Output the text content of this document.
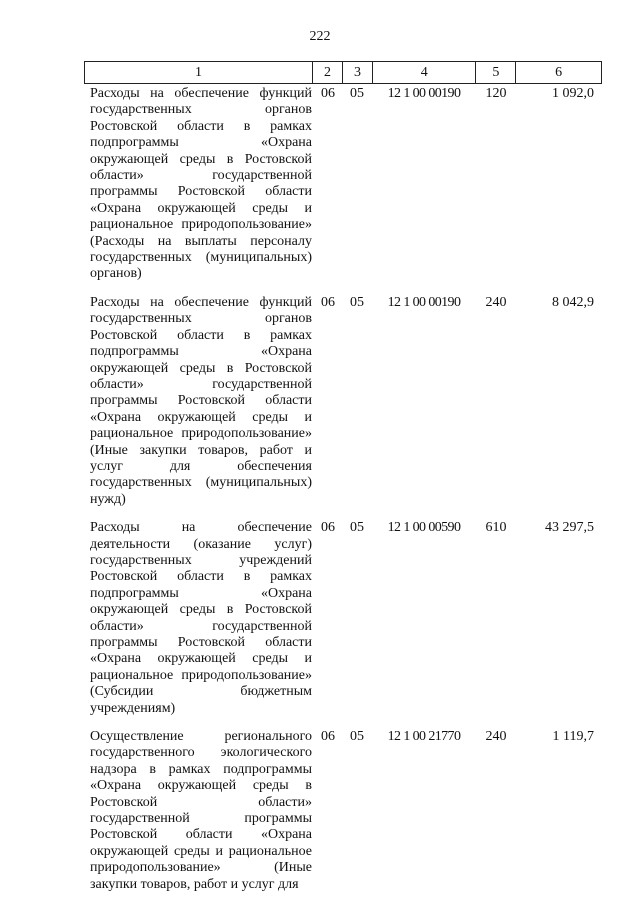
222
1	2	3	4	5	6
Расходы на обеспечение функций государственных органов Ростовской области в рамках подпрограммы «Охрана окружающей среды в Ростовской области» государственной программы Ростовской области «Охрана окружающей среды и рациональное природопользование» (Расходы на выплаты персоналу государственных (муниципальных) органов)
06	05	12 1 00 00190	120	1 092,0
Расходы на обеспечение функций государственных органов Ростовской области в рамках подпрограммы «Охрана окружающей среды в Ростовской области» государственной программы Ростовской области «Охрана окружающей среды и рациональное природопользование» (Иные закупки товаров, работ и услуг для обеспечения государственных (муниципальных) нужд)
06	05	12 1 00 00190	240	8 042,9
Расходы на обеспечение деятельности (оказание услуг) государственных учреждений Ростовской области в рамках подпрограммы «Охрана окружающей среды в Ростовской области» государственной программы Ростовской области «Охрана окружающей среды и рациональное природопользование» (Субсидии бюджетным учреждениям)
06	05	12 1 00 00590	610	43 297,5
Осуществление регионального государственного экологического надзора в рамках подпрограммы «Охрана окружающей среды в Ростовской области» государственной программы Ростовской области «Охрана окружающей среды и рациональное природопользование» (Иные закупки товаров, работ и услуг для
06	05	12 1 00 21770	240	1 119,7
